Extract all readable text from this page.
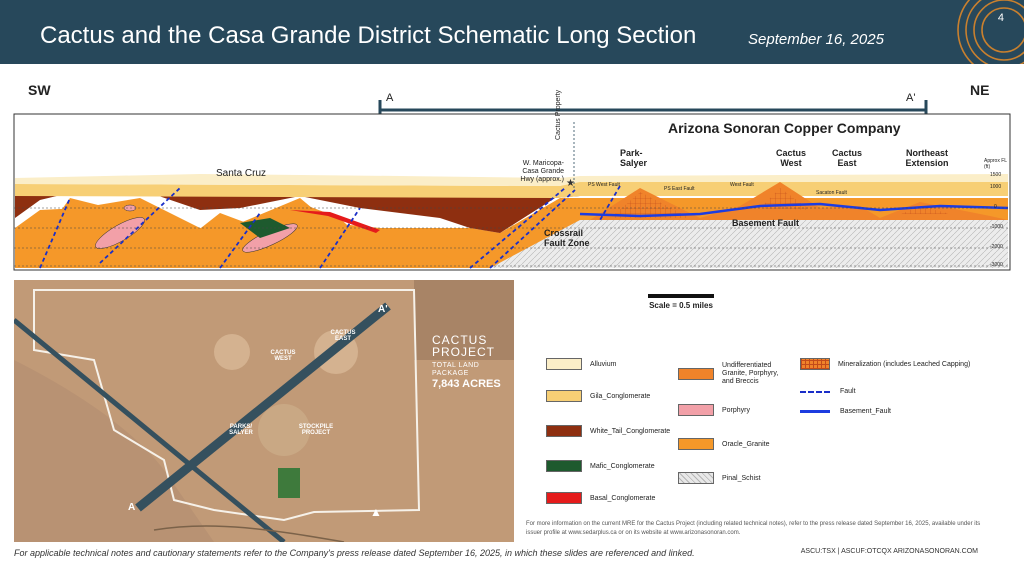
Cactus and the Casa Grande District Schematic Long Section	September 16, 2025
4
SW	NE
★
A	A'
Arizona Sonoran Copper Company
Santa Cruz
W. Maricopa-Casa Grande Hwy (approx.)
Cactus Property
Park-Salyer
Cactus West
Cactus East
Northeast Extension
Crossrail Fault Zone
Basement Fault
PS West Fault
PS East Fault
West Fault
Sacaton Fault
Approx FL (ft)
1500
1000
0
-1000
-2000
-3000
▲
A
A'
CACTUS WEST
CACTUS EAST
PARKS/ SALYER
STOCKPILE PROJECT
CACTUS PROJECT
TOTAL LAND PACKAGE
7,843 ACRES
Scale = 0.5 miles
Alluvium
Gila_Conglomerate
White_Tail_Conglomerate
Mafic_Conglomerate
Basal_Conglomerate
Undifferentiated Granite, Porphyry, and Breccis
Porphyry
Oracle_Granite
Pinal_Schist
Mineralization (includes Leached Capping)
Fault
Basement_Fault
For more information on the current MRE for the Cactus Project (including related technical notes), refer to the press release dated September 16, 2025, available under its issuer profile at www.sedarplus.ca or on its website at www.arizonasonoran.com.
For applicable technical notes and cautionary statements refer to the Company's press release dated September 16, 2025, in which these slides are referenced and linked.	ASCU:TSX | ASCUF:OTCQX ARIZONASONORAN.COM
